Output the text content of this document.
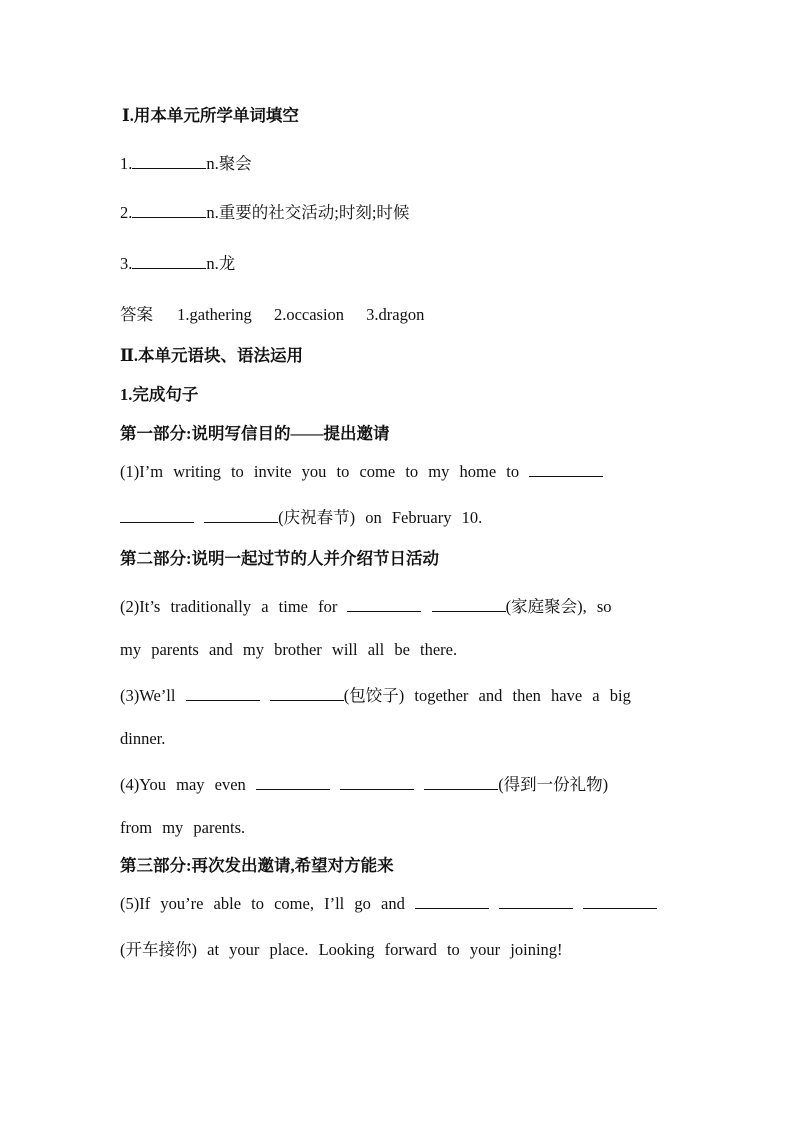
Ⅰ.用本单元所学单词填空
1.	n.聚会
2.	n.重要的社交活动;时刻;时候
3.	n.龙
答案 1.gathering 2.occasion 3.dragon
Ⅱ.本单元语块、语法运用
1.完成句子
第一部分:说明写信目的——提出邀请
(1)I’m writing to invite you to come to my home to
(庆祝春节) on February 10.
第二部分:说明一起过节的人并介绍节日活动
(2)It’s traditionally a time for	(家庭聚会), so
my parents and my brother will all be there.
(3)We’ll	(包饺子) together and then have a big
dinner.
(4)You may even	(得到一份礼物)
from my parents.
第三部分:再次发出邀请,希望对方能来
(5)If you’re able to come, I’ll go and
(开车接你) at your place. Looking forward to your joining!
